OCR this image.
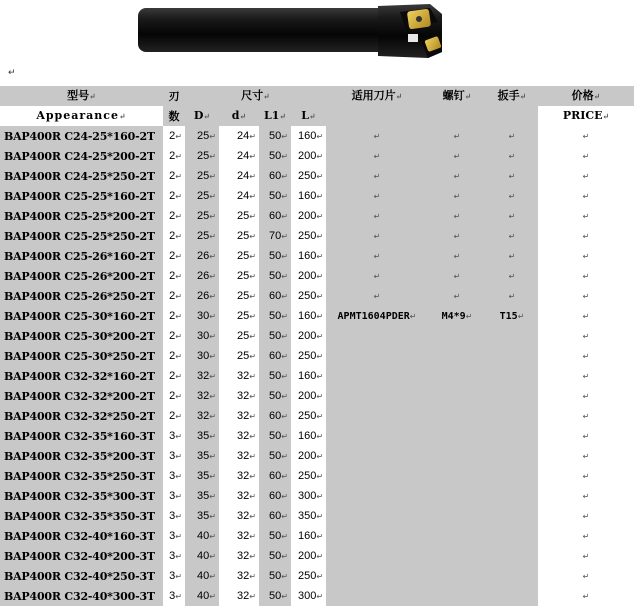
↵
型号↵	刃	尺寸↵				适用刀片↵	螺钉↵	扳手↵	价格↵
Appearance↵	数	D↵	d↵	L1↵	L↵				PRICE↵
BAP400R C24-25*160-2T	2↵	25↵	24↵	50↵	160↵	↵	↵	↵	↵
BAP400R C24-25*200-2T	2↵	25↵	24↵	50↵	200↵	↵	↵	↵	↵
BAP400R C24-25*250-2T	2↵	25↵	24↵	60↵	250↵	↵	↵	↵	↵
BAP400R C25-25*160-2T	2↵	25↵	24↵	50↵	160↵	↵	↵	↵	↵
BAP400R C25-25*200-2T	2↵	25↵	25↵	60↵	200↵	↵	↵	↵	↵
BAP400R C25-25*250-2T	2↵	25↵	25↵	70↵	250↵	↵	↵	↵	↵
BAP400R C25-26*160-2T	2↵	26↵	25↵	50↵	160↵	↵	↵	↵	↵
BAP400R C25-26*200-2T	2↵	26↵	25↵	50↵	200↵	↵	↵	↵	↵
BAP400R C25-26*250-2T	2↵	26↵	25↵	60↵	250↵	↵	↵	↵	↵
BAP400R C25-30*160-2T	2↵	30↵	25↵	50↵	160↵	APMT1604PDER↵	M4*9↵	T15↵	↵
BAP400R C25-30*200-2T	2↵	30↵	25↵	50↵	200↵				↵
BAP400R C25-30*250-2T	2↵	30↵	25↵	60↵	250↵				↵
BAP400R C32-32*160-2T	2↵	32↵	32↵	50↵	160↵				↵
BAP400R C32-32*200-2T	2↵	32↵	32↵	50↵	200↵				↵
BAP400R C32-32*250-2T	2↵	32↵	32↵	60↵	250↵				↵
BAP400R C32-35*160-3T	3↵	35↵	32↵	50↵	160↵				↵
BAP400R C32-35*200-3T	3↵	35↵	32↵	50↵	200↵				↵
BAP400R C32-35*250-3T	3↵	35↵	32↵	60↵	250↵				↵
BAP400R C32-35*300-3T	3↵	35↵	32↵	60↵	300↵				↵
BAP400R C32-35*350-3T	3↵	35↵	32↵	60↵	350↵				↵
BAP400R C32-40*160-3T	3↵	40↵	32↵	50↵	160↵				↵
BAP400R C32-40*200-3T	3↵	40↵	32↵	50↵	200↵				↵
BAP400R C32-40*250-3T	3↵	40↵	32↵	50↵	250↵				↵
BAP400R C32-40*300-3T	3↵	40↵	32↵	50↵	300↵				↵
